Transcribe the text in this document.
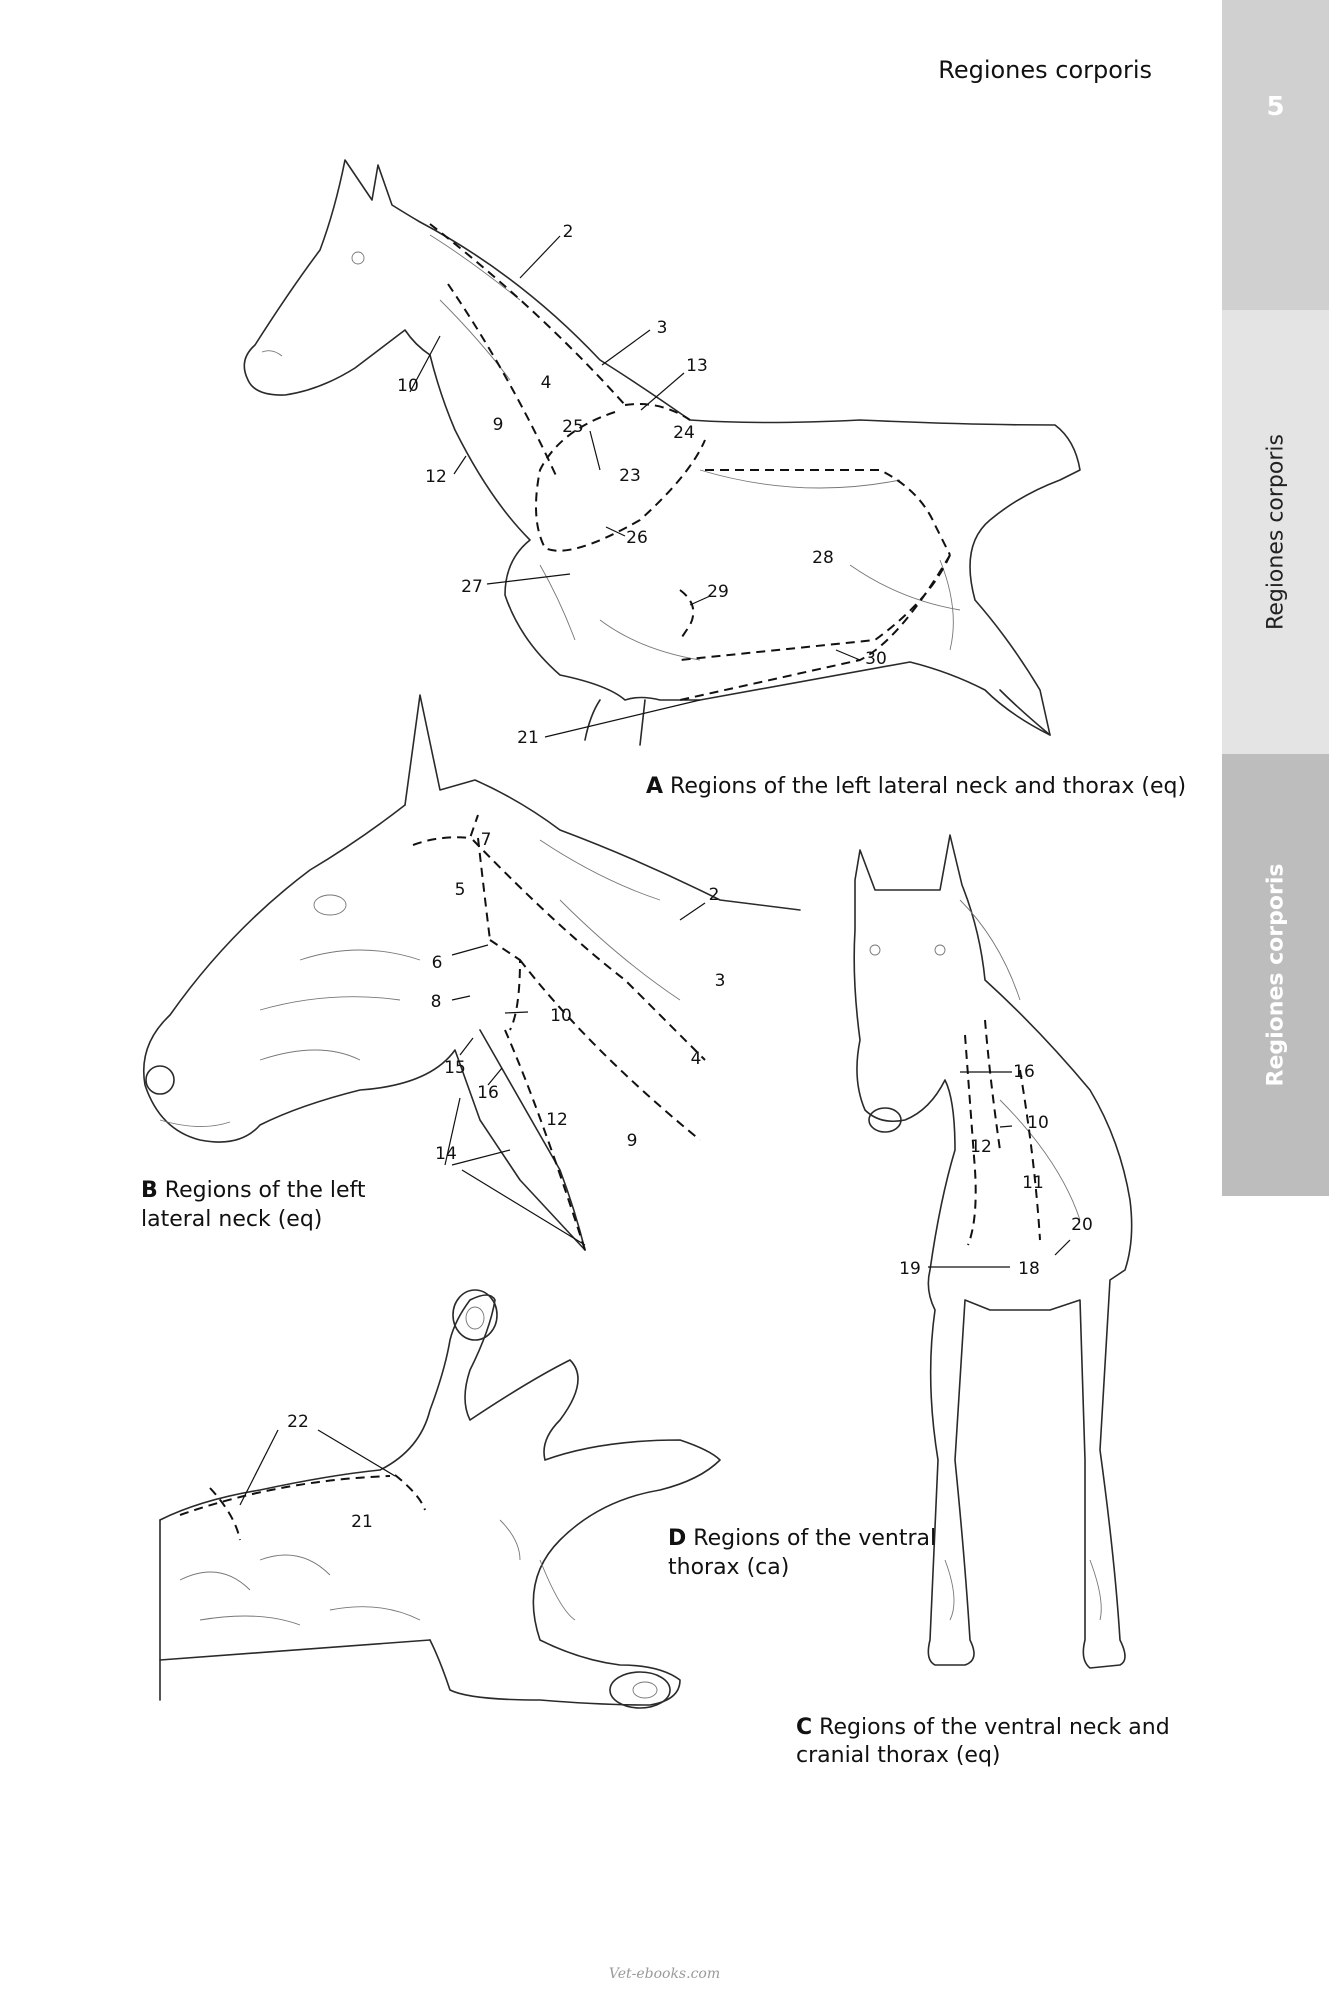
Regiones corporis
5
Regiones corporis
Regiones corporis
2
3
4
9
10
12
13
21
23
24
25
26
27
28
29
30
A Regions of the left lateral neck and thorax (eq)
2
3
4
5
6
7
8
9
10
12
14
15
16
B Regions of the left
lateral neck (eq)
10
11
12
16
18
19
20
C Regions of the ventral neck and
cranial thorax (eq)
21
22
D Regions of the ventral
thorax (ca)
Vet-ebooks.com
